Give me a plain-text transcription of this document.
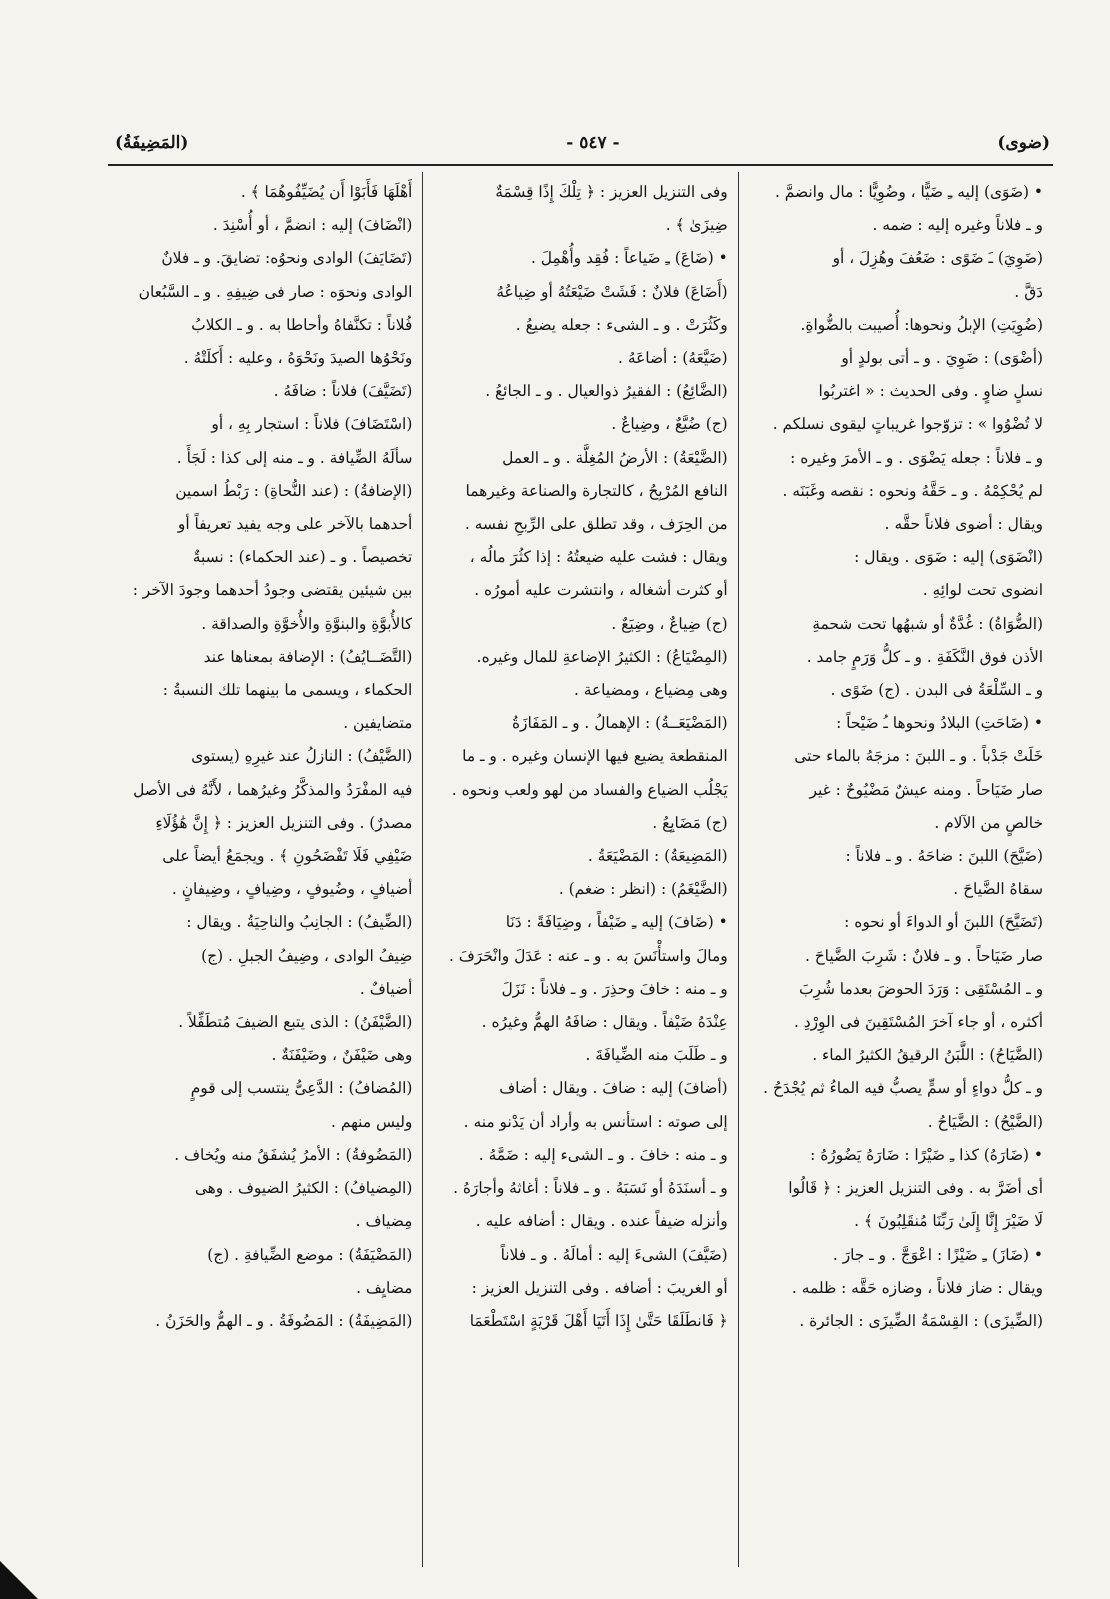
(ضوى)
- ٥٤٧ -
(المَضِيفَةُ)
• (ضَوَى) إليه ـِ ضَيًّا ، وضُوِيًّا : مال وانضمَّ .
و ـ فلاناً وغيره إليه : ضمه .
(ضَوِيَ) ـَ ضَوًى : ضَعُفَ وهُزِلَ ، أو
دَقَّ .
(ضُوِيَتِ) الإبلُ ونحوها: أُصيبت بالضُّواةِ.
(أضْوَى) : ضَوِيَ . و ـ أتى بولدٍ أو
نسلٍ ضاوٍ . وفى الحديث : « اغتربُوا
لا تُضْوُوا » : تزوّجوا غريباتٍ ليقوى نسلكم .
و ـ فلاناً : جعله يَضْوَى . و ـ الأمرَ وغيره :
لم يُحْكِمْهُ . و ـ حَقَّهُ ونحوه : نقصه وغَبَنَه .
ويقال : أضوى فلاناً حقَّه .
(انْضَوَى) إليه : ضَوَى . ويقال :
انضوى تحت لوائِهِ .
(الضُّوَاةُ) : غُدَّةٌ أو شبهُها تحت شحمةِ
الأذن فوق النَّكَفَةِ . و ـ كلُّ وَرَمٍ جامد .
و ـ السِّلْعَةُ فى البدن . (ج) ضَوًى .
• (ضَاحَتِ) البلادُ ونحوها ـُ ضَيْحاً :
خَلَتْ جَدْباً . و ـ اللبنَ : مزجَهُ بالماء حتى
صار ضَيَاحاً . ومنه عيشٌ مَضْيُوحٌ : غير
خالصٍ من الآلام .
(ضَيَّحَ) اللبنَ : ضاحَهُ . و ـ فلاناً :
سقاهُ الضَّياحَ .
(تَضَيَّحَ) اللبنَ أو الدواءَ أو نحوه :
صار ضَيَاحاً . و ـ فلانٌ : شَرِبَ الضَّياحَ .
و ـ المُسْتَقِى : وَرَدَ الحوضَ بعدما شُرِبَ
أكثره ، أو جاء آخرَ المُسْتَقِينَ فى الوِرْدِ .
(الضَّيَاحُ) : اللَّبَنُ الرقيقُ الكثيرُ الماء .
و ـ كلُّ دواءٍ أو سمٍّ يصبُّ فيه الماءُ ثم يُجْدَحُ .
(الضَّيْحُ) : الضَّيَاحُ .
• (ضَارَهُ) كذا ـِ ضَيْرًا : ضَارَهُ يَضُورُهُ :
أى أضَرَّ به . وفى التنزيل العزيز : ﴿ قَالُوا
لَا ضَيْرَ إِنَّا إِلَىٰ رَبِّنَا مُنقَلِبُونَ ﴾ .
• (ضَازَ) ـِ ضَيْزًا : اعْوَجَّ . و ـ جارَ .
ويقال : ضاز فلاناً ، وضازه حَقَّه : ظلمه .
(الضِّيزَى) : القِسْمَةُ الضِّيزَى : الجائرة .
وفى التنزيل العزيز : ﴿ تِلْكَ إِذًا قِسْمَةٌ
ضِيزَىٰ ﴾ .
• (ضَاعَ) ـِ ضَياعاً : فُقِد وأُهْمِلَ .
(أَضَاعَ) فلانٌ : فَشَتْ ضَيْعَتُهُ أو ضِياعُهُ
وكَثُرَتْ . و ـ الشىء : جعله يضيعُ .
(ضَيَّعَهُ) : أضاعَهُ .
(الضَّائِعُ) : الفقيرُ ذوالعيال . و ـ الجائعُ .
(ج) ضُيَّعٌ ، وضِياعٌ .
(الضَّيْعَةُ) : الأرضُ المُغِلَّة . و ـ العمل
النافع المُرْبِحُ ، كالتجارة والصناعة وغيرهما
من الحِرَف ، وقد تطلق على الرِّبحِ نفسه .
ويقال : فشت عليه ضيعتُهُ : إذا كثُرَ مالُه ،
أو كثرت أشغاله ، وانتشرت عليه أمورُه .
(ج) ضِياعٌ ، وضِيَعٌ .
(المِضْيَاعُ) : الكثيرُ الإضاعةِ للمال وغيره.
وهى مِضياع ، ومضياعة .
(المَضْيَعَــةُ) : الإهمالُ . و ـ المَفَازَةُ
المنقطعة يضيع فيها الإنسان وغيره . و ـ ما
يَجْلُب الضياع والفساد من لهو ولعب ونحوه .
(ج) مَضَايِعُ .
(المَضِيعَةُ) : المَضْيَعَةُ .
(الضَّيْغَمُ) : (انظر : ضغم) .
• (ضَافَ) إليه ـِ ضَيْفاً ، وضِيَافَةً : دَنَا
ومالَ واستأْنَسَ به . و ـ عنه : عَدَلَ وانْحَرَفَ .
و ـ منه : خافَ وحذِرَ . و ـ فلاناً : نَزَلَ
عِنْدَهُ ضَيْفاً . ويقال : ضافَهُ الهمُّ وغيرُه .
و ـ طَلَبَ منه الضِّيافَةَ .
(أضافَ) إليه : ضافَ . ويقال : أضاف
إلى صوته : استأنس به وأراد أن يَدْنو منه .
و ـ منه : خافَ . و ـ الشىء إليه : ضَمَّهُ .
و ـ أسنَدَهُ أو نَسَبَهُ . و ـ فلاناً : أغاثهُ وأجارَهُ .
وأنزله ضيفاً عنده . ويقال : أضافه عليه .
(ضَيَّفَ) الشىءَ إليه : أمالَهُ . و ـ فلاناً
أو الغريبَ : أضافه . وفى التنزيل العزيز :
﴿ فَانطَلَقَا حَتَّىٰ إِذَا أَتَيَا أَهْلَ قَرْيَةٍ اسْتَطْعَمَا
أَهْلَهَا فَأَبَوْا أَن يُضَيِّفُوهُمَا ﴾ .
(انْضَافَ) إليه : انضمَّ ، أو أُسْنِدَ .
(تَضَايَفَ) الوادى ونحوُه: تضايقَ. و ـ فلانٌ
الوادى ونحوَه : صار فى ضِيفِهِ . و ـ السَّبُعان
فُلاناً : تكنَّفاهُ وأحاطا به . و ـ الكلابُ
ونَحْوُها الصيدَ ونَحْوَهُ ، وعليه : أَكلَتْهُ .
(تَضَيَّفَ) فلاناً : ضافَهُ .
(اسْتَضَافَ) فلاناً : استجار بِهِ ، أو
سألَهُ الضِّيافة . و ـ منه إلى كذا : لَجَأَ .
(الإضافةُ) : (عند النُّحاةِ) : رَبْطُ اسمين
أحدهما بالآخر على وجه يفيد تعريفاً أو
تخصيصاً . و ـ (عند الحكماء) : نسبةٌ
بين شيئين يقتضى وجودُ أحدهما وجودَ الآخر :
كالأُبوَّةِ والبنوَّةِ والأُخوَّةِ والصداقة .
(التَّضَــايُفُ) : الإضافة بمعناها عند
الحكماء ، ويسمى ما بينهما تلك النسبةُ :
متضايفين .
(الضَّيْفُ) : النازلُ عند غيرِهِ (يستوى
فيه المفْرَدُ والمذكَّرُ وغيرُهما ، لأَنَّهُ فى الأصل
مصدرٌ) . وفى التنزيل العزيز : ﴿ إِنَّ هَٰؤُلَاءِ
ضَيْفِي فَلَا تَفْضَحُونِ ﴾ . ويجمَعُ أيضاً على
أضيافٍ ، وضُيوفٍ ، وضِيافٍ ، وضِيفانٍ .
(الضِّيفُ) : الجانِبُ والناحِيَةُ . ويقال :
ضِيفُ الوادى ، وضِيفُ الجبلِ . (ج)
أضيافٌ .
(الضَّيْفَنُ) : الذى يتبع الضيفَ مُتطَفِّلاً .
وهى ضَيْفَنٌ ، وضَيْفَنَةٌ .
(المُضافُ) : الدَّعِىُّ ينتسب إلى قومٍ
وليس منهم .
(المَضُوفةُ) : الأمرُ يُشفَقُ منه ويُخاف .
(المِضيافُ) : الكثيرُ الضيوف . وهى
مِضياف .
(المَضْيَفَةُ) : موضع الضِّيافةِ . (ج)
مضايِف .
(المَضِيفَةُ) : المَضُوفَةُ . و ـ الهمُّ والحَزَنُ .
